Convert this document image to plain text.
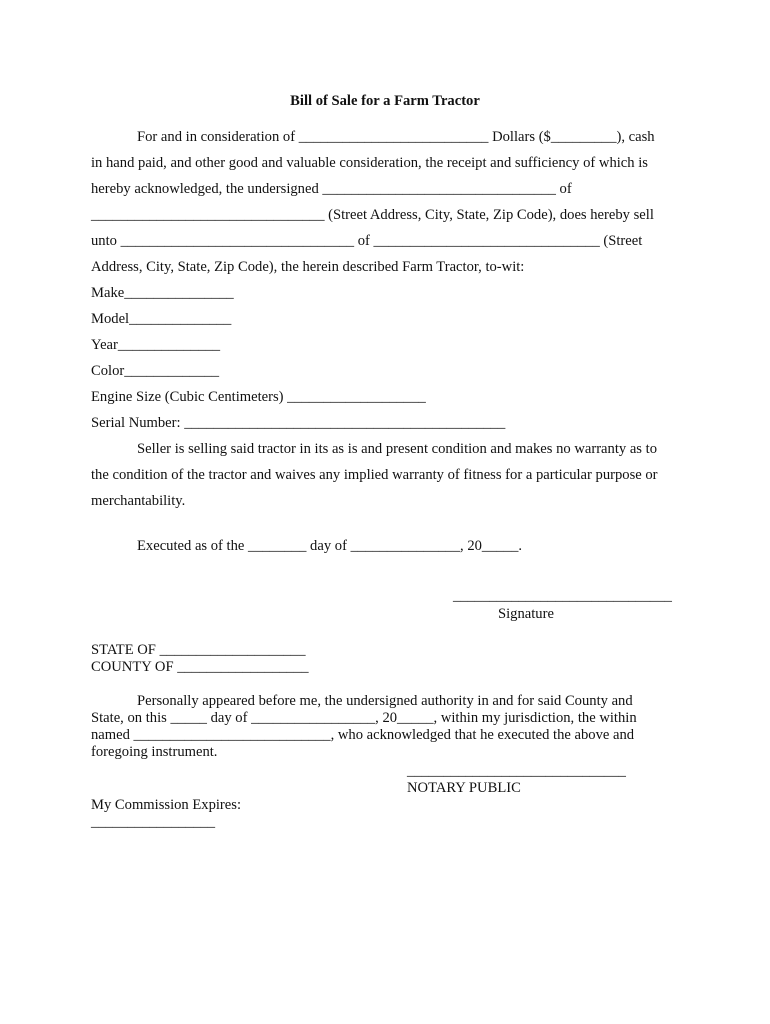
Bill of Sale for a Farm Tractor
For and in consideration of __________________________ Dollars ($_________), cash
in hand paid, and other good and valuable consideration, the receipt and sufficiency of which is
hereby acknowledged, the undersigned ________________________________ of
________________________________ (Street Address, City, State, Zip Code), does hereby sell
unto ________________________________ of _______________________________ (Street
Address, City, State, Zip Code), the herein described Farm Tractor, to-wit:
Make_______________
Model______________
Year______________
Color_____________
Engine Size (Cubic Centimeters) ___________________
Serial Number: ____________________________________________
Seller is selling said tractor in its as is and present condition and makes no warranty as to
the condition of the tractor and waives any implied warranty of fitness for a particular purpose or
merchantability.
Executed as of the ________ day of _______________, 20_____.
______________________________
Signature
STATE OF ____________________
COUNTY OF __________________
Personally appeared before me, the undersigned authority in and for said County and
State, on this _____ day of _________________, 20_____, within my jurisdiction, the within
named ___________________________, who acknowledged that he executed the above and
foregoing instrument.
______________________________
NOTARY PUBLIC
My Commission Expires:
_________________
